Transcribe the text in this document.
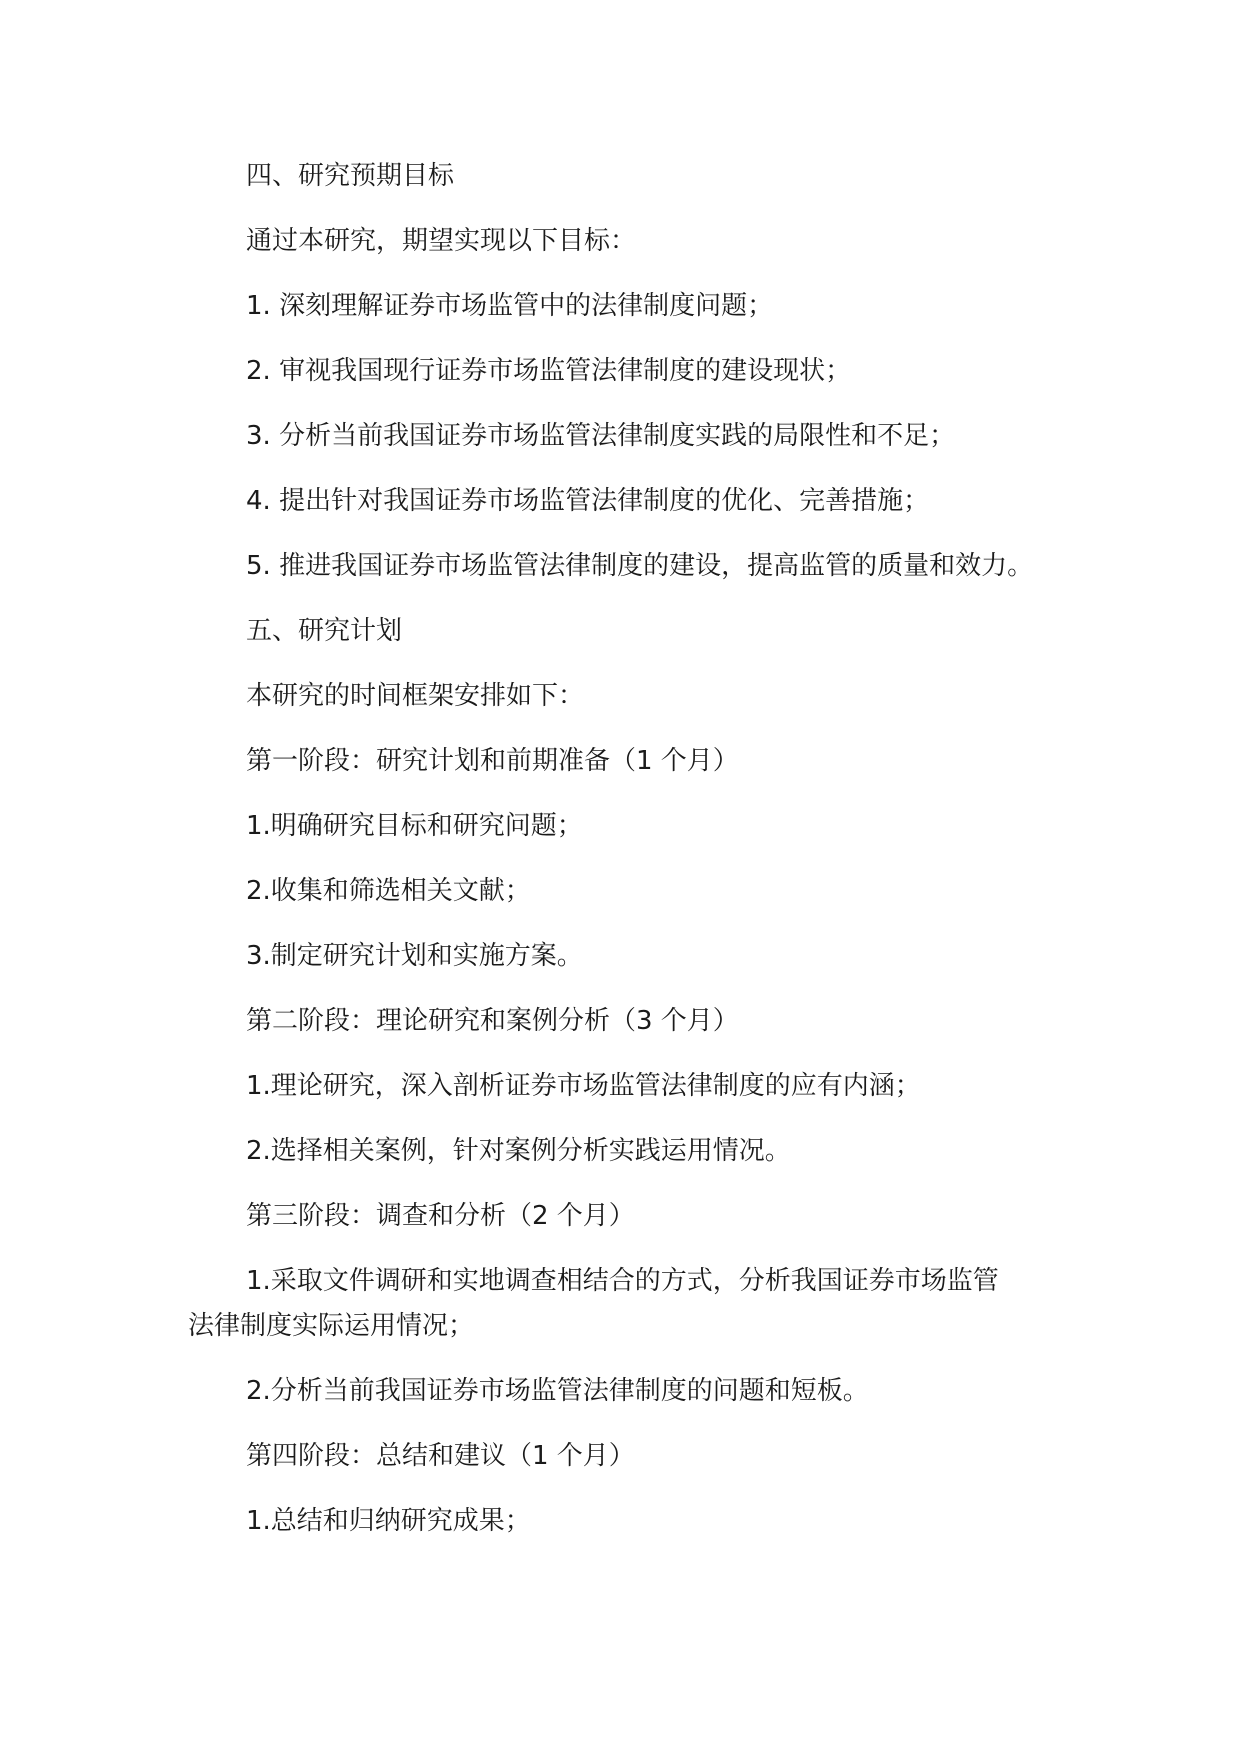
四、研究预期目标
通过本研究，期望实现以下目标：
1. 深刻理解证券市场监管中的法律制度问题；
2. 审视我国现行证券市场监管法律制度的建设现状；
3. 分析当前我国证券市场监管法律制度实践的局限性和不足；
4. 提出针对我国证券市场监管法律制度的优化、完善措施；
5. 推进我国证券市场监管法律制度的建设，提高监管的质量和效力。
五、研究计划
本研究的时间框架安排如下：
第一阶段：研究计划和前期准备（1 个月）
1.明确研究目标和研究问题；
2.收集和筛选相关文献；
3.制定研究计划和实施方案。
第二阶段：理论研究和案例分析（3 个月）
1.理论研究，深入剖析证券市场监管法律制度的应有内涵；
2.选择相关案例，针对案例分析实践运用情况。
第三阶段：调查和分析（2 个月）
1.采取文件调研和实地调查相结合的方式，分析我国证券市场监管
法律制度实际运用情况；
2.分析当前我国证券市场监管法律制度的问题和短板。
第四阶段：总结和建议（1 个月）
1.总结和归纳研究成果；
